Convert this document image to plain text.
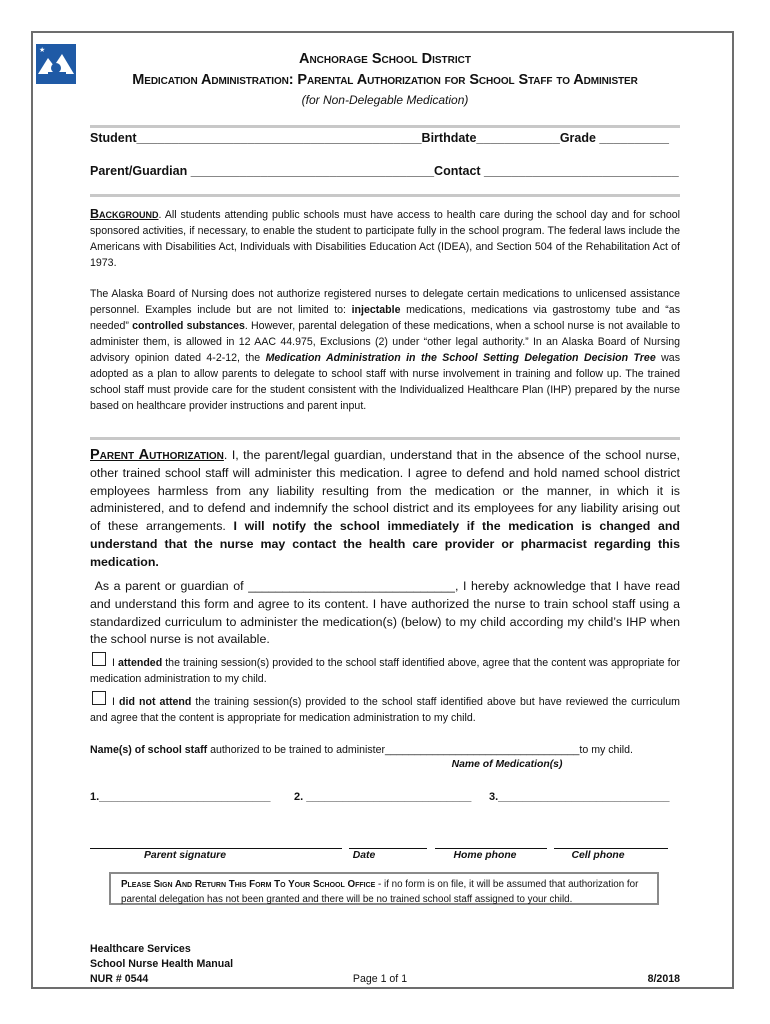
★
Anchorage School District
Medication Administration: Parental Authorization for School Staff to Administer
(for Non-Delegable Medication)
Student_________________________________________Birthdate____________Grade __________
Parent/Guardian ___________________________________Contact ____________________________
Background. All students attending public schools must have access to health care during the school day and for school sponsored activities, if necessary, to enable the student to participate fully in the school program. The federal laws include the Americans with Disabilities Act, Individuals with Disabilities Education Act (IDEA), and Section 504 of the Rehabilitation Act of 1973.
The Alaska Board of Nursing does not authorize registered nurses to delegate certain medications to unlicensed assistance personnel. Examples include but are not limited to: injectable medications, medications via gastrostomy tube and “as needed” controlled substances. However, parental delegation of these medications, when a school nurse is not available to administer them, is allowed in 12 AAC 44.975, Exclusions (2) under “other legal authority.” In an Alaska Board of Nursing advisory opinion dated 4-2-12, the Medication Administration in the School Setting Delegation Decision Tree was adopted as a plan to allow parents to delegate to school staff with nurse involvement in training and follow up. The trained school staff must provide care for the student consistent with the Individualized Healthcare Plan (IHP) prepared by the nurse based on healthcare provider instructions and parent input.
Parent Authorization. I, the parent/legal guardian, understand that in the absence of the school nurse, other trained school staff will administer this medication. I agree to defend and hold named school district employees harmless from any liability resulting from the medication or the manner, in which it is administered, and to defend and indemnify the school district and its employees for any liability arising out of these arrangements. I will notify the school immediately if the medication is changed and understand that the nurse may contact the health care provider or pharmacist regarding this medication.
As a parent or guardian of ______________________________, I hereby acknowledge that I have read and understand this form and agree to its content. I have authorized the nurse to train school staff using a standardized curriculum to administer the medication(s) (below) to my child according my child’s IHP when the school nurse is not available.
I attended the training session(s) provided to the school staff identified above, agree that the content was appropriate for medication administration to my child.
I did not attend the training session(s) provided to the school staff identified above but have reviewed the curriculum and agree that the content is appropriate for medication administration to my child.
Name(s) of school staff authorized to be trained to administer_________________________________to my child.
Name of Medication(s)
1.____________________________	2. ___________________________	3.____________________________
Parent signature	Date	Home phone	Cell phone
Please Sign And Return This Form To Your School Office - if no form is on file, it will be assumed that authorization for parental delegation has not been granted and there will be no trained school staff assigned to your child.
Healthcare Services
School Nurse Health Manual
NUR # 0544	Page 1 of 1	8/2018
